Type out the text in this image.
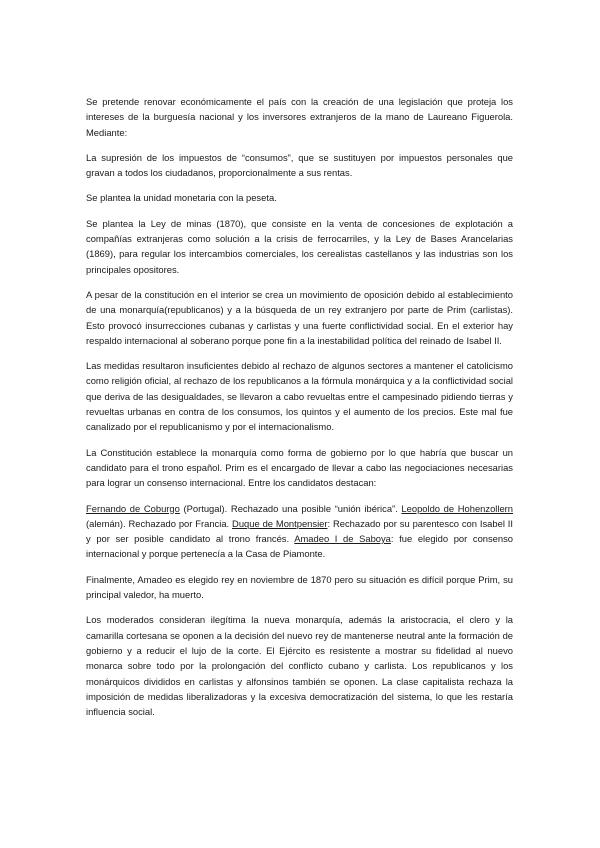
Se pretende renovar económicamente el país con la creación de una legislación que proteja los intereses de la burguesía nacional y los inversores extranjeros de la mano de Laureano Figuerola. Mediante:

La supresión de los impuestos de “consumos”, que se sustituyen por impuestos personales que gravan a todos los ciudadanos, proporcionalmente a sus rentas.

Se plantea la unidad monetaria con la peseta.

Se plantea la Ley de minas (1870), que consiste en la venta de concesiones de explotación a compañías extranjeras como solución a la crisis de ferrocarriles, y la Ley de Bases Arancelarias (1869), para regular los intercambios comerciales, los cerealistas castellanos y las industrias son los principales opositores.

A pesar de la constitución en el interior se crea un movimiento de oposición debido al establecimiento de una monarquía(republicanos) y a la búsqueda de un rey extranjero por parte de Prim (carlistas). Esto provocó insurrecciones cubanas y carlistas y una fuerte conflictividad social. En el exterior hay respaldo internacional al soberano porque pone fin a la inestabilidad política del reinado de Isabel II.

Las medidas resultaron insuficientes debido al rechazo de algunos sectores a mantener el catolicismo como religión oficial, al rechazo de los republicanos a la fórmula monárquica y a la conflictividad social que deriva de las desigualdades, se llevaron a cabo revueltas entre el campesinado pidiendo tierras y revueltas urbanas en contra de los consumos, los quintos y el aumento de los precios. Este mal fue canalizado por el republicanismo y por el internacionalismo.

La Constitución establece la monarquía como forma de gobierno por lo que habría que buscar un candidato para el trono español. Prim es el encargado de llevar a cabo las negociaciones necesarias para lograr un consenso internacional. Entre los candidatos destacan:

Fernando de Coburgo (Portugal). Rechazado una posible “unión ibérica”. Leopoldo de Hohenzollern (alemán). Rechazado por Francia. Duque de Montpensier: Rechazado por su parentesco con Isabel II y por ser posible candidato al trono francés. Amadeo I de Saboya: fue elegido por consenso internacional y porque pertenecía a la Casa de Piamonte.

Finalmente, Amadeo es elegido rey en noviembre de 1870 pero su situación es difícil porque Prim, su principal valedor, ha muerto.

Los moderados consideran ilegítima la nueva monarquía, además la aristocracia, el clero y la camarilla cortesana se oponen a la decisión del nuevo rey de mantenerse neutral ante la formación de gobierno y a reducir el lujo de la corte. El Ejército es resistente a mostrar su fidelidad al nuevo monarca sobre todo por la prolongación del conflicto cubano y carlista. Los republicanos y los monárquicos divididos en carlistas y alfonsinos también se oponen. La clase capitalista rechaza la imposición de medidas liberalizadoras y la excesiva democratización del sistema, lo que les restaría influencia social.
